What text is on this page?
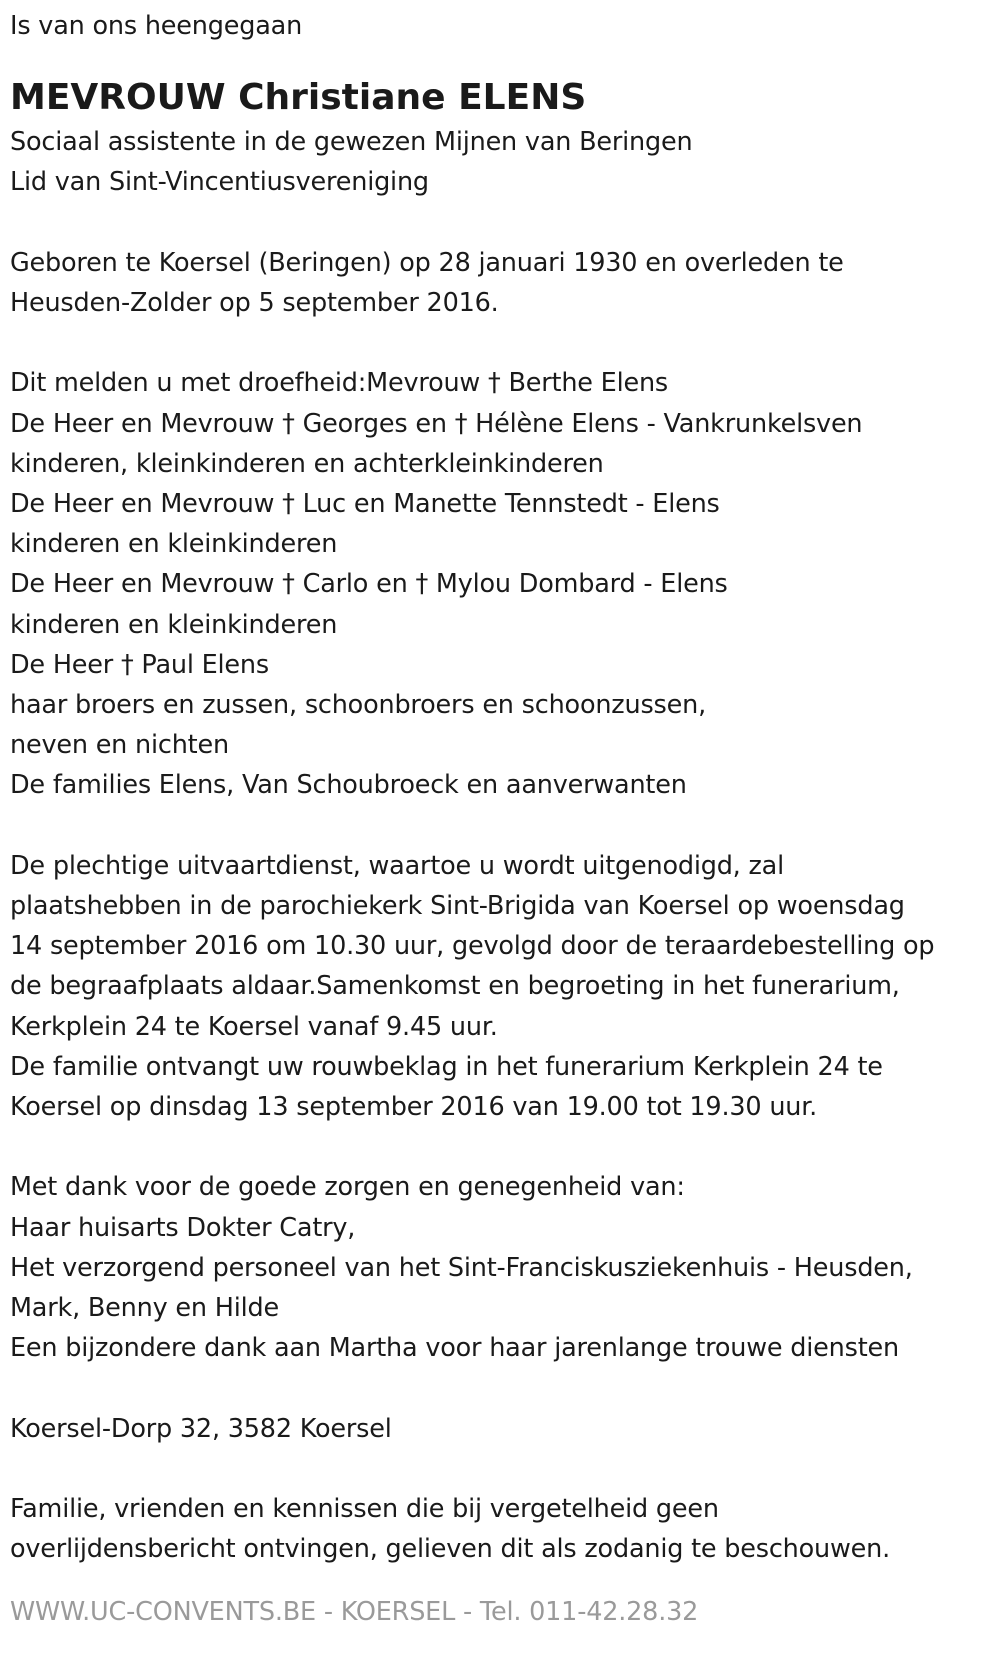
Is van ons heengegaan
MEVROUW Christiane ELENS
Sociaal assistente in de gewezen Mijnen van Beringen
Lid van Sint-Vincentiusvereniging
Geboren te Koersel (Beringen) op 28 januari 1930 en overleden te
Heusden-Zolder op 5 september 2016.
Dit melden u met droefheid:Mevrouw † Berthe Elens
De Heer en Mevrouw † Georges en † Hélène Elens - Vankrunkelsven
kinderen, kleinkinderen en achterkleinkinderen
De Heer en Mevrouw † Luc en Manette Tennstedt - Elens
kinderen en kleinkinderen
De Heer en Mevrouw † Carlo en † Mylou Dombard - Elens
kinderen en kleinkinderen
De Heer † Paul Elens
haar broers en zussen, schoonbroers en schoonzussen,
neven en nichten
De families Elens, Van Schoubroeck en aanverwanten
De plechtige uitvaartdienst, waartoe u wordt uitgenodigd, zal
plaatshebben in de parochiekerk Sint-Brigida van Koersel op woensdag
14 september 2016 om 10.30 uur, gevolgd door de teraardebestelling op
de begraafplaats aldaar.Samenkomst en begroeting in het funerarium,
Kerkplein 24 te Koersel vanaf 9.45 uur.
De familie ontvangt uw rouwbeklag in het funerarium Kerkplein 24 te
Koersel op dinsdag 13 september 2016 van 19.00 tot 19.30 uur.
Met dank voor de goede zorgen en genegenheid van:
Haar huisarts Dokter Catry,
Het verzorgend personeel van het Sint-Franciskusziekenhuis - Heusden,
Mark, Benny en Hilde
Een bijzondere dank aan Martha voor haar jarenlange trouwe diensten
Koersel-Dorp 32, 3582 Koersel
Familie, vrienden en kennissen die bij vergetelheid geen
overlijdensbericht ontvingen, gelieven dit als zodanig te beschouwen.
WWW.UC-CONVENTS.BE - KOERSEL - Tel. 011-42.28.32
